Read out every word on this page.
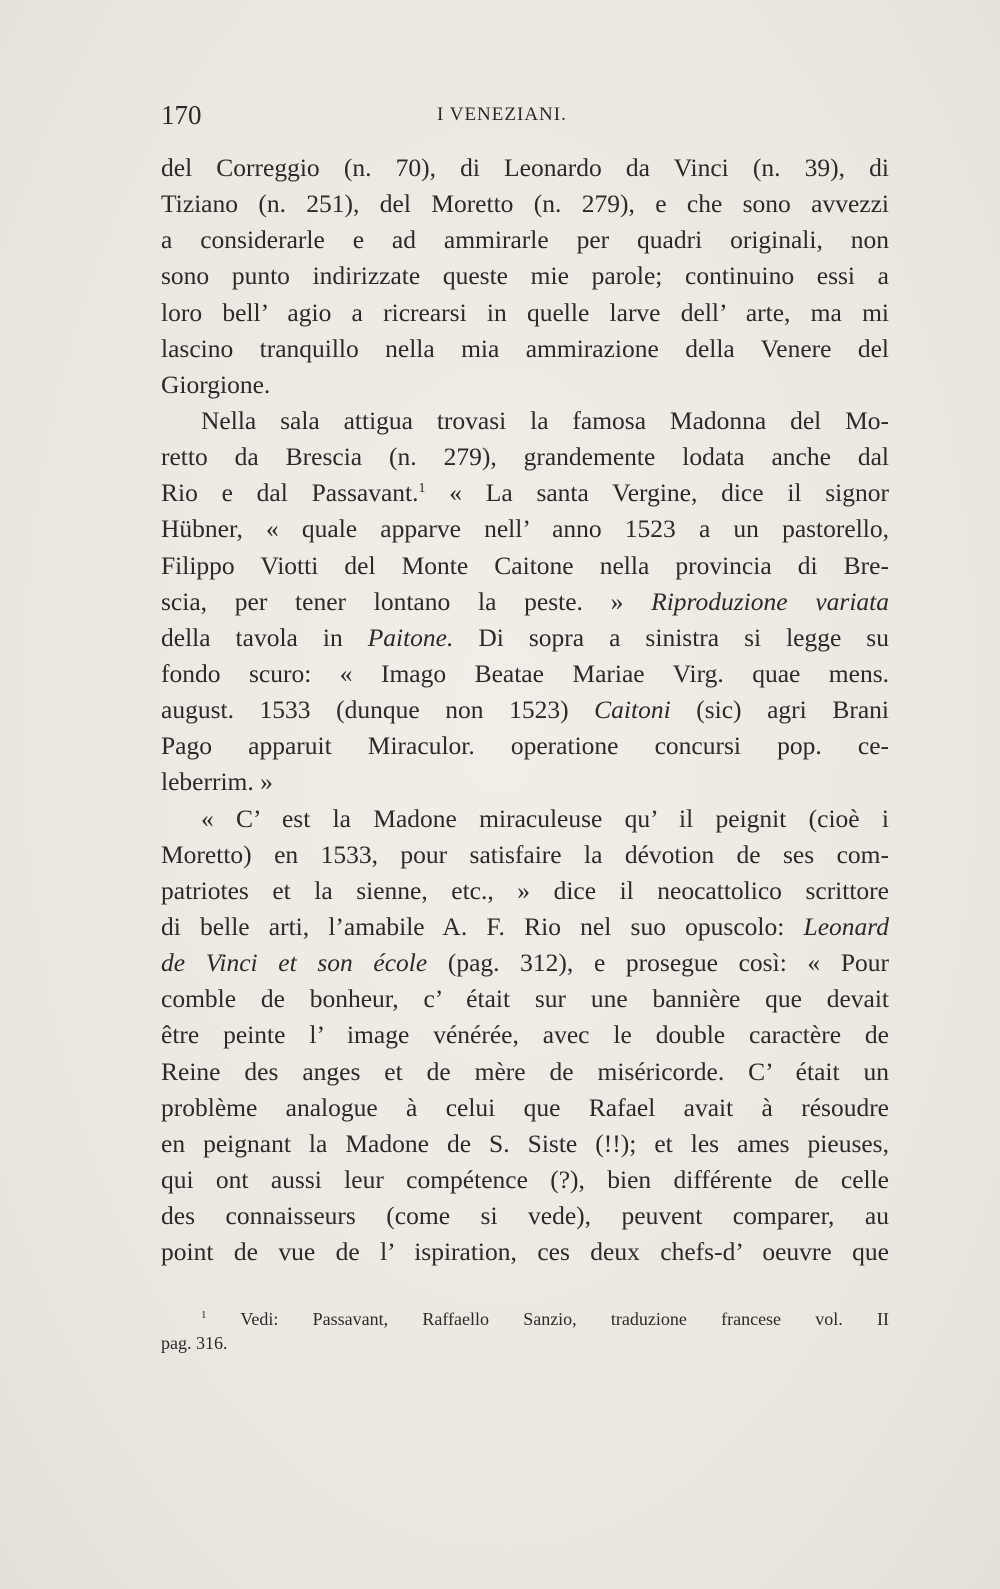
170	I VENEZIANI.
del Correggio (n. 70), di Leonardo da Vinci (n. 39), di
Tiziano (n. 251), del Moretto (n. 279), e che sono avvezzi
a considerarle e ad ammirarle per quadri originali, non
sono punto indirizzate queste mie parole; continuino essi a
loro bell’ agio a ricrearsi in quelle larve dell’ arte, ma mi
lascino tranquillo nella mia ammirazione della Venere del
Giorgione.
Nella sala attigua trovasi la famosa Madonna del Mo-
retto da Brescia (n. 279), grandemente lodata anche dal
Rio e dal Passavant.$^1$ « La santa Vergine, dice il signor
Hübner, « quale apparve nell’ anno 1523 a un pastorello,
Filippo Viotti del Monte Caitone nella provincia di Bre-
scia, per tener lontano la peste. » Riproduzione variata
della tavola in Paitone. Di sopra a sinistra si legge su
fondo scuro: « Imago Beatae Mariae Virg. quae mens.
august. 1533 (dunque non 1523) Caitoni (sic) agri Brani
Pago apparuit Miraculor. operatione concursi pop. ce-
leberrim. »
« C’ est la Madone miraculeuse qu’ il peignit (cioè i
Moretto) en 1533, pour satisfaire la dévotion de ses com-
patriotes et la sienne, etc., » dice il neocattolico scrittore
di belle arti, l’amabile A. F. Rio nel suo opuscolo: Leonard
de Vinci et son école (pag. 312), e prosegue così: « Pour
comble de bonheur, c’ était sur une bannière que devait
être peinte l’ image vénérée, avec le double caractère de
Reine des anges et de mère de miséricorde. C’ était un
problème analogue à celui que Rafael avait à résoudre
en peignant la Madone de S. Siste (!!); et les ames pieuses,
qui ont aussi leur compétence (?), bien différente de celle
des connaisseurs (come si vede), peuvent comparer, au
point de vue de l’ ispiration, ces deux chefs-d’ oeuvre que
$^1$ Vedi: Passavant, Raffaello Sanzio, traduzione francese vol. II
pag. 316.
